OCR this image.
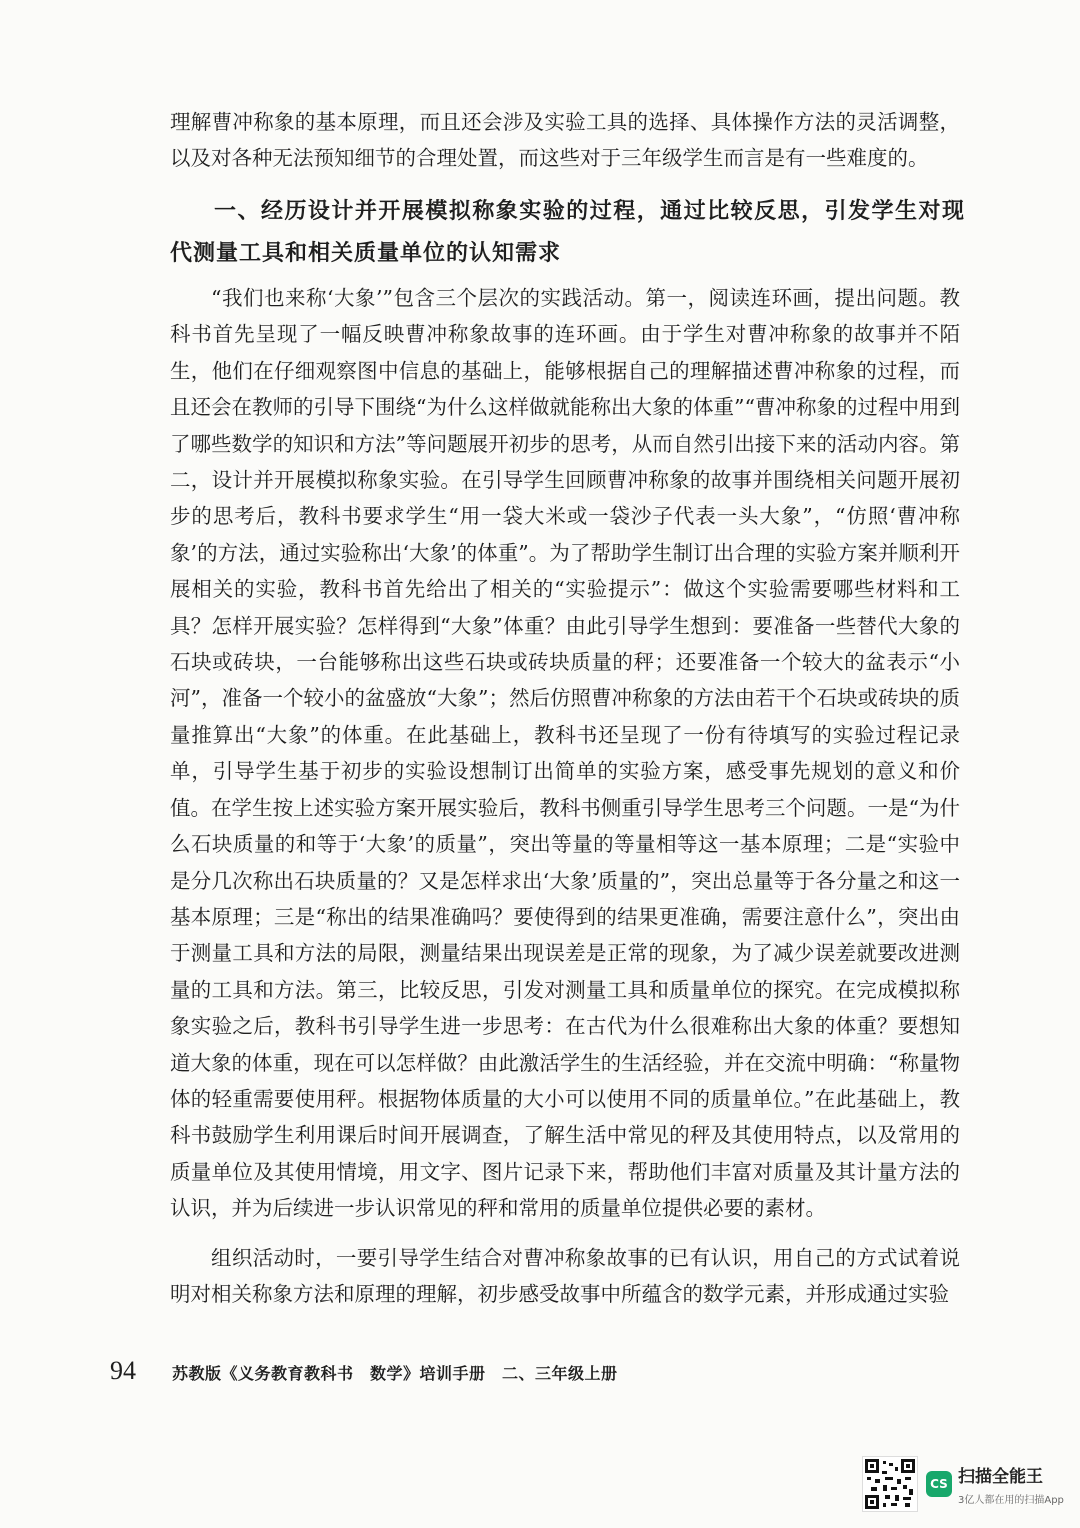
理解曹冲称象的基本原理，而且还会涉及实验工具的选择、具体操作方法的灵活调整，以及对各种无法预知细节的合理处置，而这些对于三年级学生而言是有一些难度的。

一、经历设计并开展模拟称象实验的过程，通过比较反思，引发学生对现代测量工具和相关质量单位的认知需求

“我们也来称‘大象’”包含三个层次的实践活动。第一，阅读连环画，提出问题。教科书首先呈现了一幅反映曹冲称象故事的连环画。由于学生对曹冲称象的故事并不陌生，他们在仔细观察图中信息的基础上，能够根据自己的理解描述曹冲称象的过程，而且还会在教师的引导下围绕“为什么这样做就能称出大象的体重”“曹冲称象的过程中用到了哪些数学的知识和方法”等问题展开初步的思考，从而自然引出接下来的活动内容。第二，设计并开展模拟称象实验。在引导学生回顾曹冲称象的故事并围绕相关问题开展初步的思考后，教科书要求学生“用一袋大米或一袋沙子代表一头大象”，“仿照‘曹冲称象’的方法，通过实验称出‘大象’的体重”。为了帮助学生制订出合理的实验方案并顺利开展相关的实验，教科书首先给出了相关的“实验提示”：做这个实验需要哪些材料和工具？怎样开展实验？怎样得到“大象”体重？由此引导学生想到：要准备一些替代大象的石块或砖块，一台能够称出这些石块或砖块质量的秤；还要准备一个较大的盆表示“小河”，准备一个较小的盆盛放“大象”；然后仿照曹冲称象的方法由若干个石块或砖块的质量推算出“大象”的体重。在此基础上，教科书还呈现了一份有待填写的实验过程记录单，引导学生基于初步的实验设想制订出简单的实验方案，感受事先规划的意义和价值。在学生按上述实验方案开展实验后，教科书侧重引导学生思考三个问题。一是“为什么石块质量的和等于‘大象’的质量”，突出等量的等量相等这一基本原理；二是“实验中是分几次称出石块质量的？又是怎样求出‘大象’质量的”，突出总量等于各分量之和这一基本原理；三是“称出的结果准确吗？要使得到的结果更准确，需要注意什么”，突出由于测量工具和方法的局限，测量结果出现误差是正常的现象，为了减少误差就要改进测量的工具和方法。第三，比较反思，引发对测量工具和质量单位的探究。在完成模拟称象实验之后，教科书引导学生进一步思考：在古代为什么很难称出大象的体重？要想知道大象的体重，现在可以怎样做？由此激活学生的生活经验，并在交流中明确：“称量物体的轻重需要使用秤。根据物体质量的大小可以使用不同的质量单位。”在此基础上，教科书鼓励学生利用课后时间开展调查，了解生活中常见的秤及其使用特点，以及常用的质量单位及其使用情境，用文字、图片记录下来，帮助他们丰富对质量及其计量方法的认识，并为后续进一步认识常见的秤和常用的质量单位提供必要的素材。

组织活动时，一要引导学生结合对曹冲称象故事的已有认识，用自己的方式试着说明对相关称象方法和原理的理解，初步感受故事中所蕴含的数学元素，并形成通过实验

94 苏教版《义务教育教科书　数学》培训手册　二、三年级上册
CS 扫描全能王
3亿人都在用的扫描App
